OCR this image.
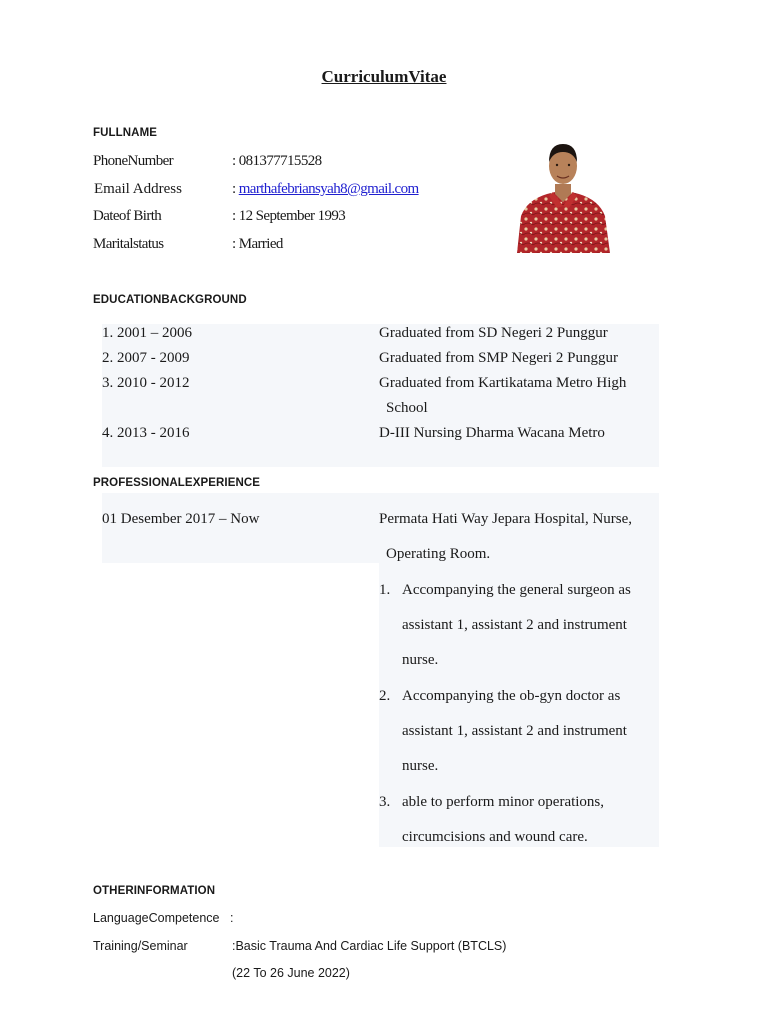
CurriculumVitae
FULLNAME
PhoneNumber	: 081377715528
Email Address	: marthafebriansyah8@gmail.com
Dateof Birth	: 12 September 1993
Maritalstatus	: Married
EDUCATIONBACKGROUND
1. 2001 – 2006	Graduated from SD Negeri 2 Punggur
2. 2007 - 2009	Graduated from SMP Negeri 2 Punggur
3. 2010 - 2012	Graduated from Kartikatama Metro High
School
4. 2013 - 2016	D-III Nursing Dharma Wacana Metro
PROFESSIONALEXPERIENCE
01 Desember 2017 – Now	Permata Hati Way Jepara Hospital, Nurse,
Operating Room.
1. Accompanying the general surgeon as
assistant 1, assistant 2 and instrument
nurse.
2. Accompanying the ob-gyn doctor as
assistant 1, assistant 2 and instrument
nurse.
3. able to perform minor operations,
circumcisions and wound care.
OTHERINFORMATION
LanguageCompetence :
Training/Seminar	:Basic Trauma And Cardiac Life Support (BTCLS)
(22 To 26 June 2022)
